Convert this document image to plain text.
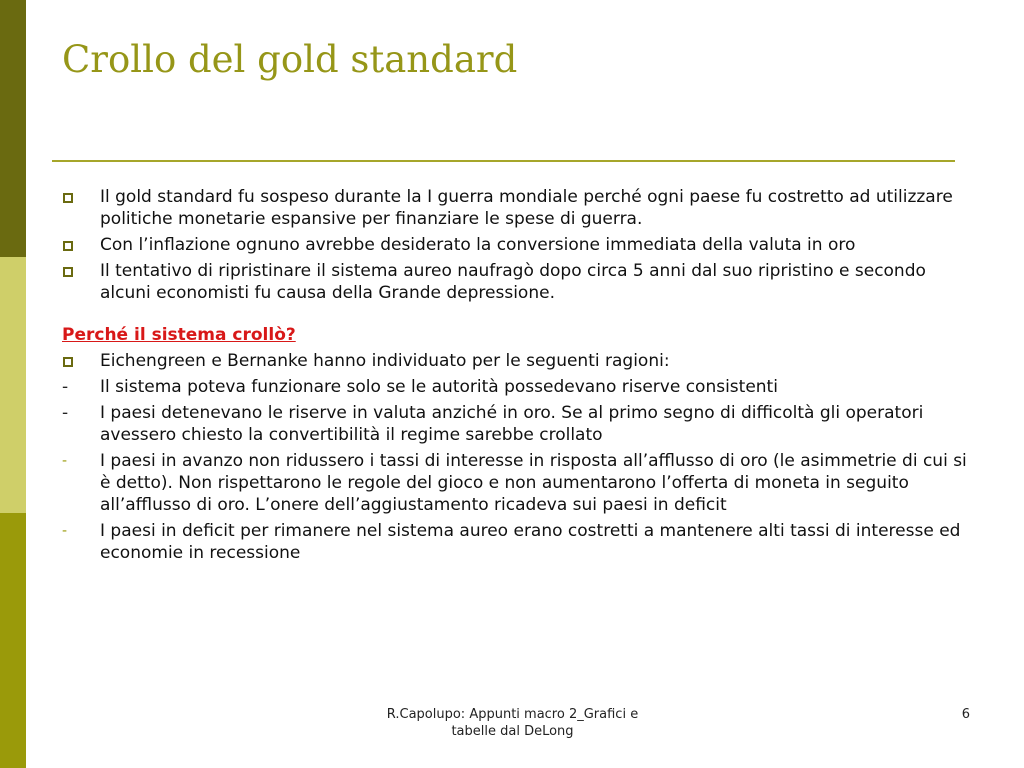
Crollo del gold standard
Il gold standard fu sospeso durante la I guerra mondiale perché ogni paese fu costretto ad utilizzare politiche monetarie espansive per finanziare le spese di guerra.
Con l’inflazione ognuno avrebbe desiderato la conversione immediata della valuta in oro
Il tentativo di ripristinare il sistema aureo naufragò dopo circa 5 anni dal suo ripristino e secondo alcuni economisti fu causa della Grande depressione.
Perché il sistema crollò?
Eichengreen e Bernanke hanno individuato per le seguenti ragioni:
- Il sistema poteva funzionare solo se le autorità possedevano riserve consistenti
- I paesi detenevano le riserve in valuta anziché in oro. Se al primo segno di difficoltà gli operatori avessero chiesto la convertibilità il regime sarebbe crollato
- I paesi in avanzo non ridussero i tassi di interesse in risposta all’afflusso di oro (le asimmetrie di cui si è detto). Non rispettarono le regole del gioco e non aumentarono l’offerta di moneta in seguito all’afflusso di oro. L’onere dell’aggiustamento ricadeva sui paesi in deficit
- I paesi in deficit per rimanere nel sistema aureo erano costretti a mantenere alti tassi di interesse ed economie in recessione
R.Capolupo: Appunti macro 2_Grafici e tabelle dal DeLong
6
